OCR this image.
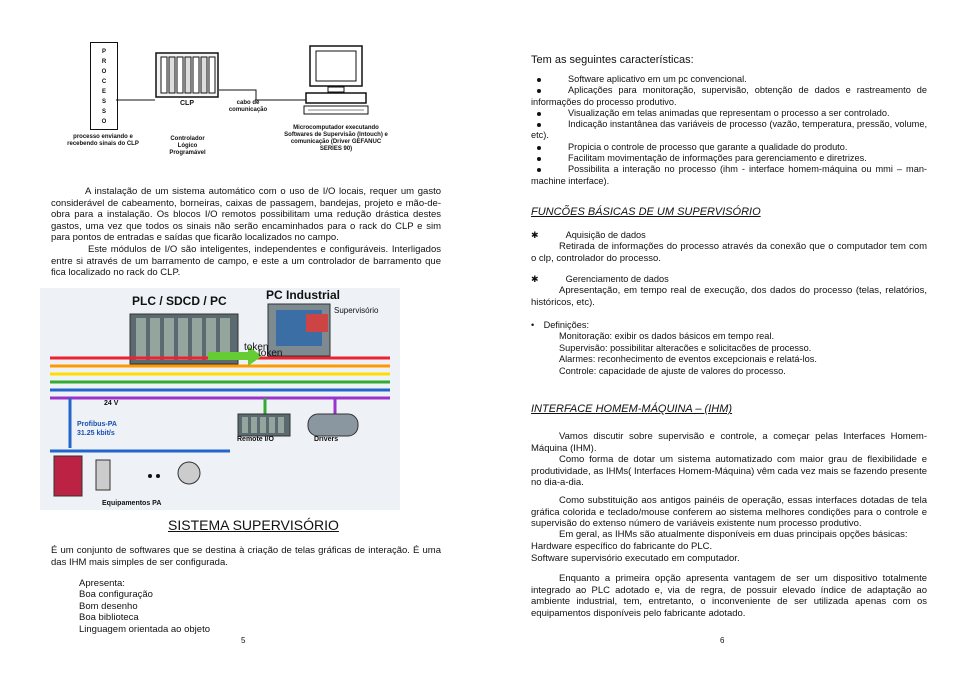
P
R
O
C
E
S
S
O
processo enviando e recebendo sinais do CLP
CLP
Controlador Lógico Programável
cabo de comunicação
Microcomputador executando Softwares de Supervisão (Intouch) e comunicação (Driver GEFANUC SERIES 90)
A instalação de um sistema automático com o uso de I/O locais, requer um gasto considerável de cabeamento, borneiras, caixas de passagem, bandejas, projeto e mão-de-obra para a instalação. Os blocos I/O remotos possibilitam uma redução drástica destes gastos, uma vez que todos os sinais não serão encaminhados para o rack do CLP e sim para pontos de entradas e saídas que ficarão localizados no campo.
Este módulos de I/O são inteligentes, independentes e configuráveis. Interligados entre si através de um barramento de campo, e este a um controlador de barramento que fica localizado no rack do CLP.
PLC / SDCD / PC	PC Industrial
Supervisório
token
token
24 V
Profibus-PA
31.25 kbit/s
Remote I/O	Drivers
Equipamentos PA
SISTEMA SUPERVISÓRIO
É um conjunto de softwares que se destina à criação de telas gráficas de interação. É uma das IHM mais simples de ser configurada.
Apresenta:
Boa configuração
Bom desenho
Boa biblioteca
Linguagem orientada ao objeto
5
Tem as seguintes características:
Software aplicativo em um pc convencional.
Aplicações para monitoração, supervisão, obtenção de dados e rastreamento de informações do processo produtivo.
Visualização em telas animadas que representam o processo a ser controlado.
Indicação instantânea das variáveis de processo (vazão, temperatura, pressão, volume, etc).
Propicia o controle de processo que garante a qualidade do produto.
Facilitam movimentação de informações para gerenciamento e diretrizes.
Possibilita a interação no processo (ihm - interface homem-máquina ou mmi – man-machine interface).
FUNCÕES BÁSICAS DE UM SUPERVISÓRIO
✱	Aquisição de dados
Retirada de informações do processo através da conexão que o computador tem com o clp, controlador do processo.
✱	Gerenciamento de dados
Apresentação, em tempo real de execução, dos dados do processo (telas, relatórios, históricos, etc).
• Definições:
Monitoração: exibir os dados básicos em tempo real.
Supervisão: possibilitar alteracões e solicitacões de processo.
Alarmes: reconhecimento de eventos excepcionais e relatá-los.
Controle: capacidade de ajuste de valores do processo.
INTERFACE HOMEM-MÁQUINA – (IHM)
Vamos discutir sobre supervisão e controle, a começar pelas Interfaces Homem-Máquina (IHM).
Como forma de dotar um sistema automatizado com maior grau de flexibilidade e produtividade, as IHMs( Interfaces Homem-Máquina) vêm cada vez mais se fazendo presente no dia-a-dia.
Como substituição aos antigos painéis de operação, essas interfaces dotadas de tela gráfica colorida e teclado/mouse conferem ao sistema melhores condições para o controle e supervisão do extenso número de variáveis existente num processo produtivo.
Em geral, as IHMs são atualmente disponíveis em duas principais opções básicas:
Hardware específico do fabricante do PLC.
Software supervisório executado em computador.
Enquanto a primeira opção apresenta vantagem de ser um dispositivo totalmente integrado ao PLC adotado e, via de regra, de possuir elevado índice de adaptação ao ambiente industrial, tem, entretanto, o inconveniente de ser utilizada apenas com os equipamentos disponíveis pelo fabricante adotado.
6
